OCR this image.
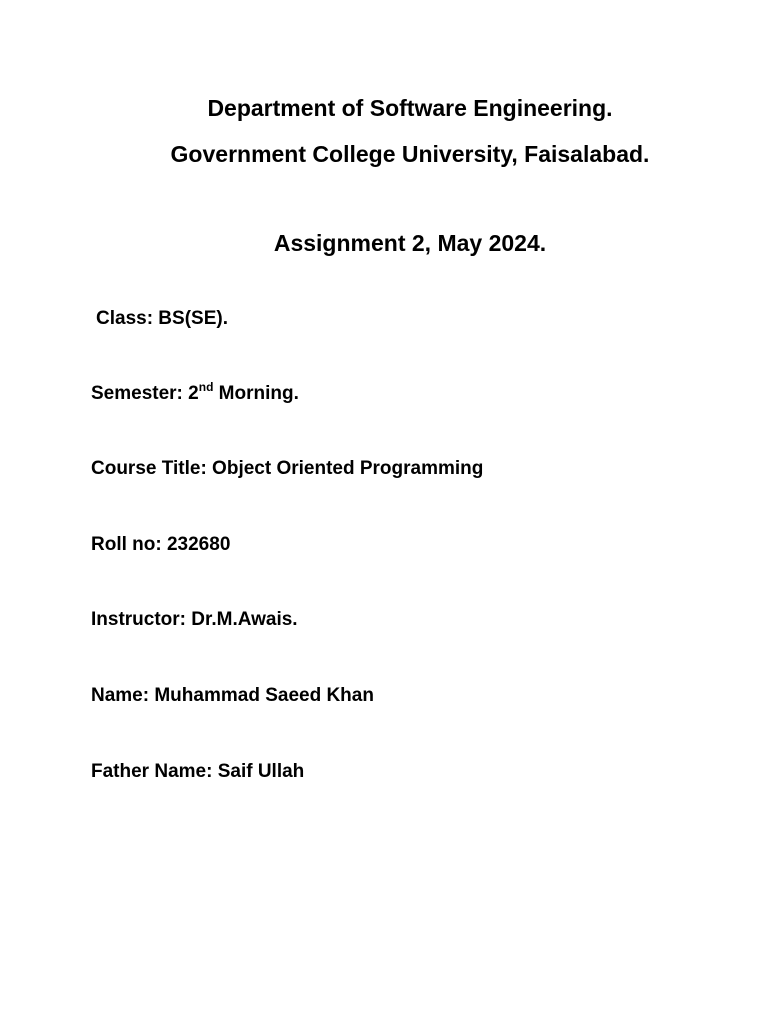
Department of Software Engineering.

Government College University, Faisalabad.

Assignment 2, May 2024.

Class: BS(SE).

Semester: 2nd Morning.

Course Title: Object Oriented Programming

Roll no: 232680

Instructor: Dr.M.Awais.

Name: Muhammad Saeed Khan

Father Name: Saif Ullah
